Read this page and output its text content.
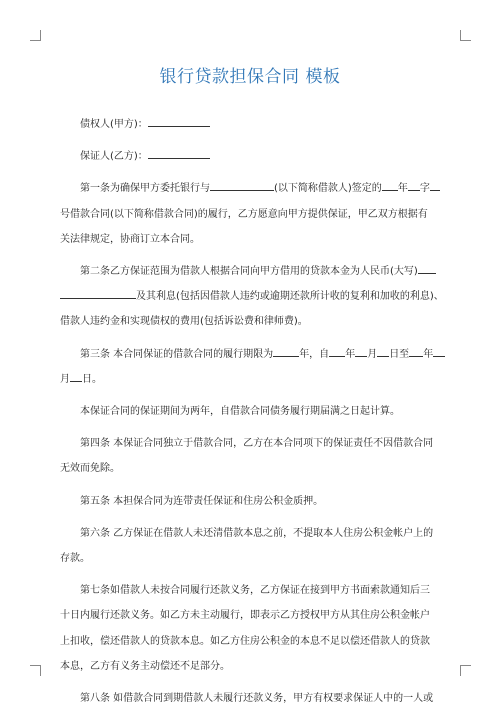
银行贷款担保合同 模板

债权人(甲方)：

保证人(乙方)：

第一条为确保甲方委托银行与	(以下简称借款人)签定的 年 字

号借款合同(以下简称借款合同)的履行，乙方愿意向甲方提供保证，甲乙双方根据有

关法律规定，协商订立本合同。

第二条乙方保证范围为借款人根据合同向甲方借用的贷款本金为人民币(大写)

及其利息(包括因借款人违约或逾期还款所计收的复利和加收的利息)、

借款人违约金和实现债权的费用(包括诉讼费和律师费)。

第三条 本合同保证的借款合同的履行期限为	年，自 年 月 日至 年

月 日。

本保证合同的保证期间为两年，自借款合同债务履行期届满之日起计算。

第四条 本保证合同独立于借款合同，乙方在本合同项下的保证责任不因借款合同

无效而免除。

第五条 本担保合同为连带责任保证和住房公积金质押。

第六条 乙方保证在借款人未还清借款本息之前，不提取本人住房公积金帐户上的

存款。

第七条如借款人未按合同履行还款义务，乙方保证在接到甲方书面索款通知后三

十日内履行还款义务。如乙方未主动履行，即表示乙方授权甲方从其住房公积金帐户

上扣收，偿还借款人的贷款本息。如乙方住房公积金的本息不足以偿还借款人的贷款

本息，乙方有义务主动偿还不足部分。

第八条 如借款合同到期借款人未履行还款义务，甲方有权要求保证人中的一人或
